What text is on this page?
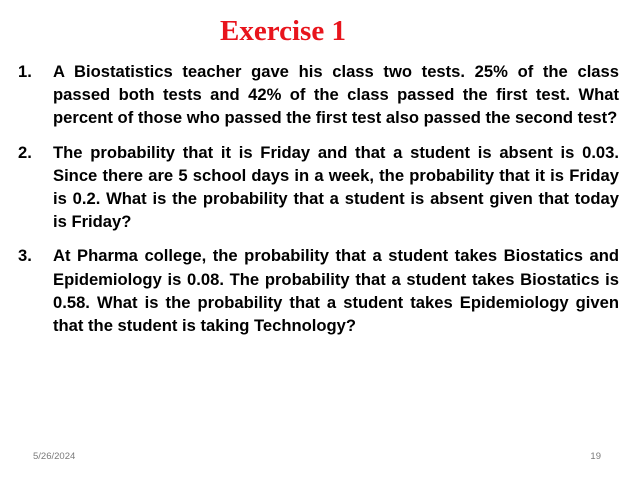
Exercise 1
1.	A Biostatistics teacher gave his class two tests. 25% of the class passed both tests and 42% of the class passed the first test. What percent of those who passed the first test also passed the second test?
2.	The probability that it is Friday and that a student is absent is 0.03. Since there are 5 school days in a week, the probability that it is Friday is 0.2. What is the probability that a student is absent given that today is Friday?
3.	At Pharma college, the probability that a student takes Biostatics and Epidemiology is 0.08. The probability that a student takes Biostatics is 0.58. What is the probability that a student takes Epidemiology given that the student is taking Technology?
5/26/2024	19
